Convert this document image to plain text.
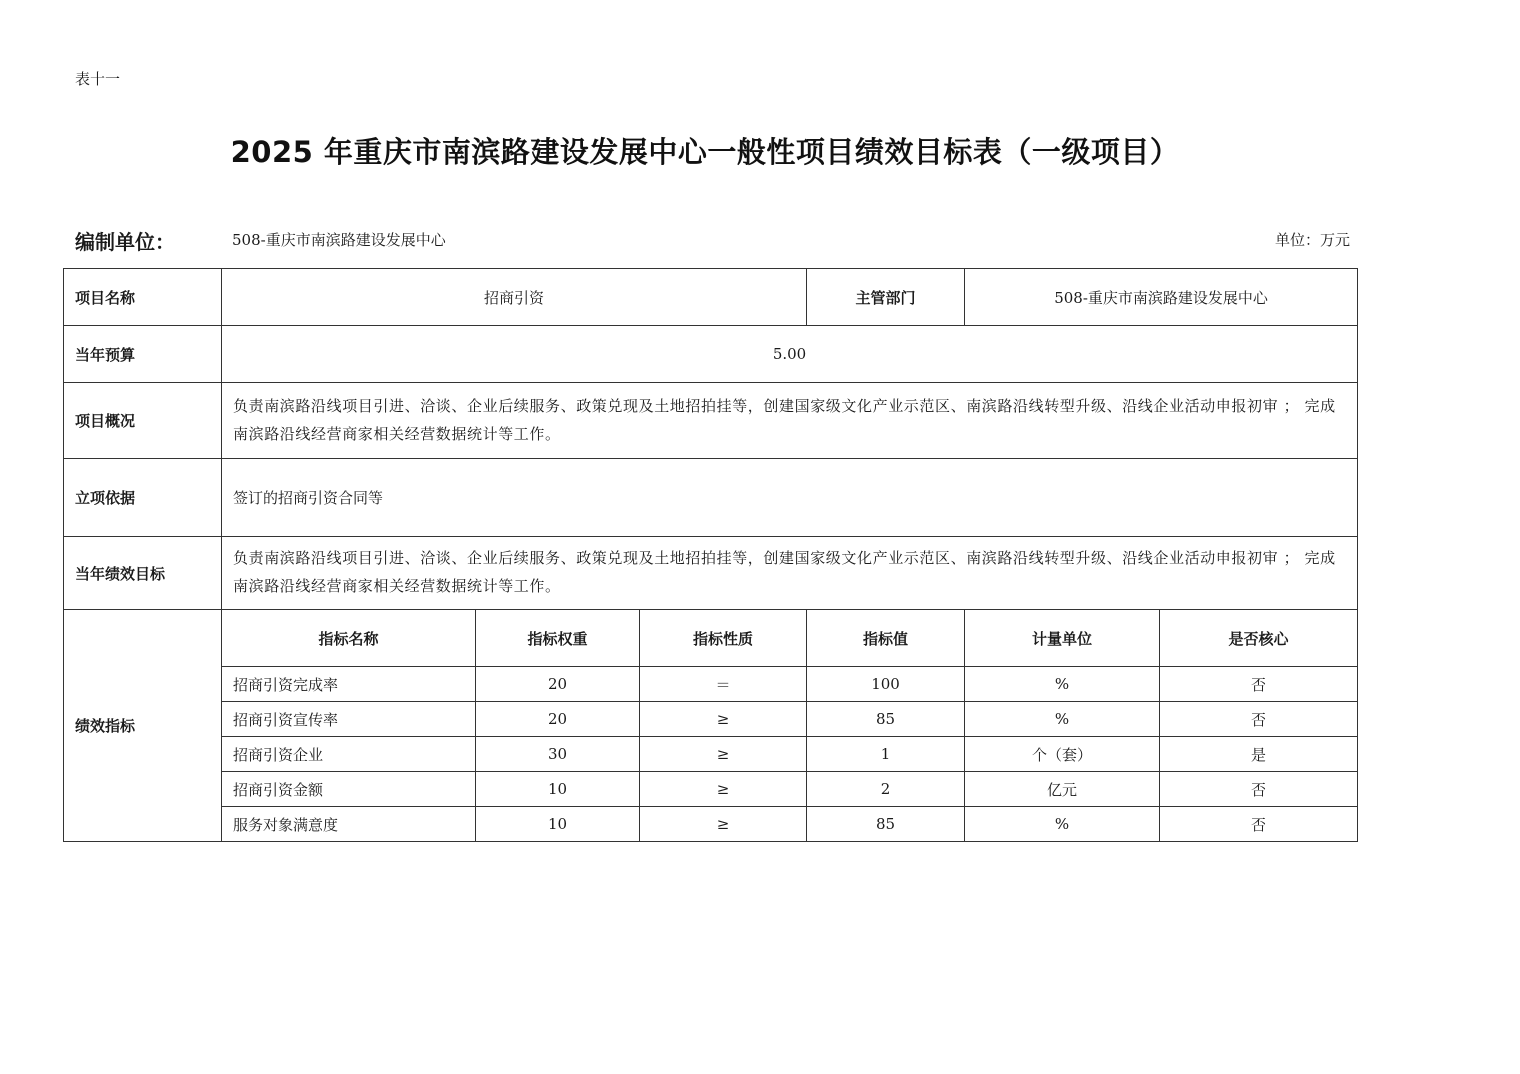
表十一
2025 年重庆市南滨路建设发展中心一般性项目绩效目标表（一级项目）
编制单位：	508-重庆市南滨路建设发展中心	单位：万元
项目名称	招商引资			主管部门	508-重庆市南滨路建设发展中心	
当年预算	5.00					
项目概况	负责南滨路沿线项目引进、洽谈、企业后续服务、政策兑现及土地招拍挂等，创建国家级文化产业示范区、南滨路沿线转型升级、沿线企业活动申报初审 ； 完成南滨路沿线经营商家相关经营数据统计等工作。					
立项依据	签订的招商引资合同等					
当年绩效目标	负责南滨路沿线项目引进、洽谈、企业后续服务、政策兑现及土地招拍挂等，创建国家级文化产业示范区、南滨路沿线转型升级、沿线企业活动申报初审 ； 完成南滨路沿线经营商家相关经营数据统计等工作。					
绩效指标	指标名称	指标权重	指标性质	指标值	计量单位	是否核心
	招商引资完成率	20	＝	100	%	否
	招商引资宣传率	20	≥	85	%	否
	招商引资企业	30	≥	1	个（套）	是
	招商引资金额	10	≥	2	亿元	否
	服务对象满意度	10	≥	85	%	否
